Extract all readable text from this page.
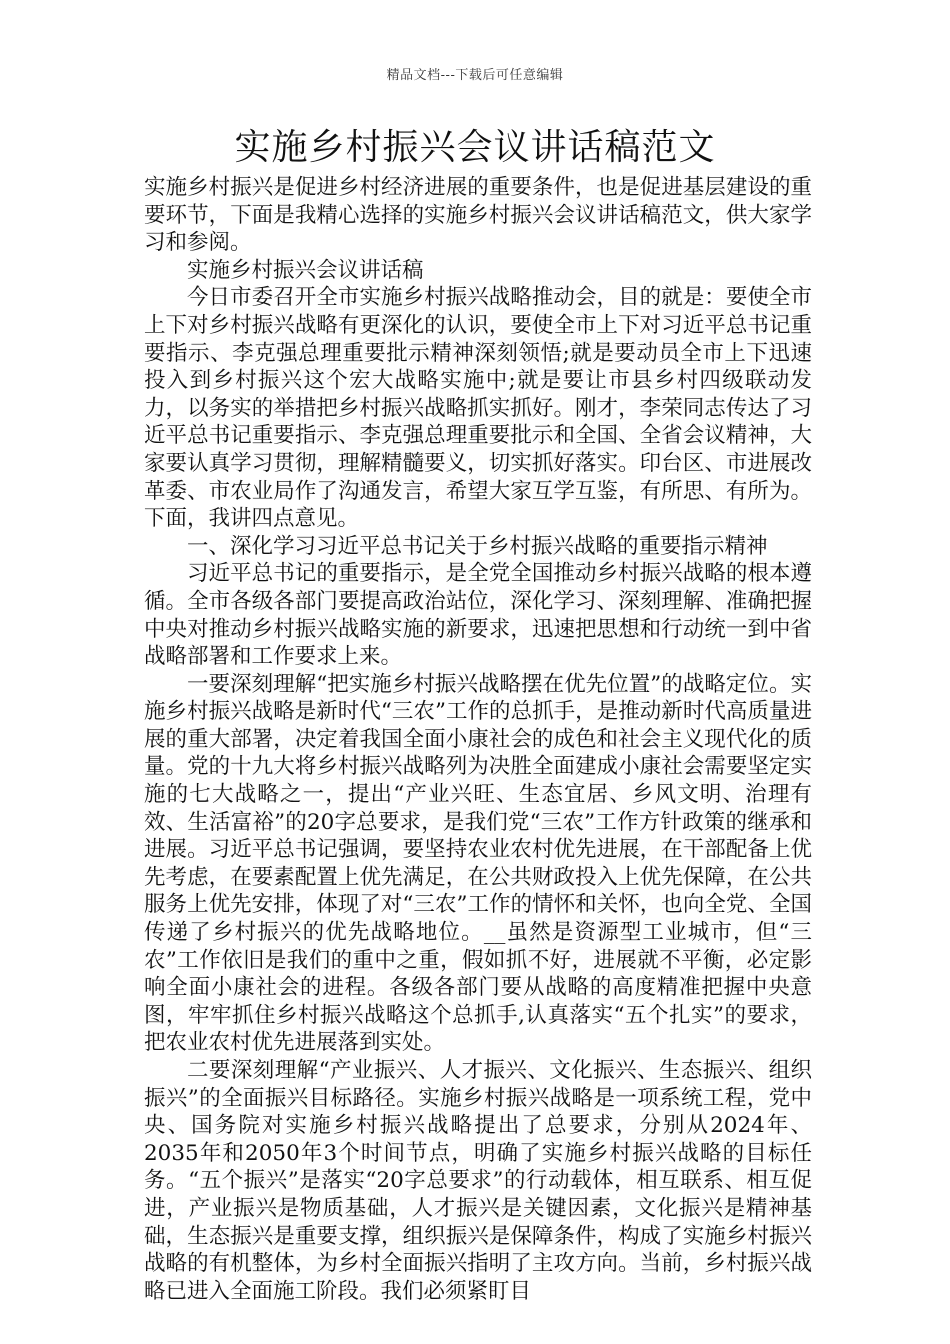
精品文档---下载后可任意编辑
实施乡村振兴会议讲话稿范文

实施乡村振兴是促进乡村经济进展的重要条件，也是促进基层建设的重要环节，下面是我精心选择的实施乡村振兴会议讲话稿范文，供大家学习和参阅。

实施乡村振兴会议讲话稿

今日市委召开全市实施乡村振兴战略推动会，目的就是：要使全市上下对乡村振兴战略有更深化的认识，要使全市上下对习近平总书记重要指示、李克强总理重要批示精神深刻领悟;就是要动员全市上下迅速投入到乡村振兴这个宏大战略实施中;就是要让市县乡村四级联动发力，以务实的举措把乡村振兴战略抓实抓好。刚才，李荣同志传达了习近平总书记重要指示、李克强总理重要批示和全国、全省会议精神，大家要认真学习贯彻，理解精髓要义，切实抓好落实。印台区、市进展改革委、市农业局作了沟通发言，希望大家互学互鉴，有所思、有所为。下面，我讲四点意见。

一、深化学习习近平总书记关于乡村振兴战略的重要指示精神

习近平总书记的重要指示，是全党全国推动乡村振兴战略的根本遵循。全市各级各部门要提高政治站位，深化学习、深刻理解、准确把握中央对推动乡村振兴战略实施的新要求，迅速把思想和行动统一到中省战略部署和工作要求上来。

一要深刻理解“把实施乡村振兴战略摆在优先位置”的战略定位。实施乡村振兴战略是新时代“三农”工作的总抓手，是推动新时代高质量进展的重大部署，决定着我国全面小康社会的成色和社会主义现代化的质量。党的十九大将乡村振兴战略列为决胜全面建成小康社会需要坚定实施的七大战略之一，提出“产业兴旺、生态宜居、乡风文明、治理有效、生活富裕”的20字总要求，是我们党“三农”工作方针政策的继承和进展。习近平总书记强调，要坚持农业农村优先进展，在干部配备上优先考虑，在要素配置上优先满足，在公共财政投入上优先保障，在公共服务上优先安排，体现了对“三农”工作的情怀和关怀，也向全党、全国传递了乡村振兴的优先战略地位。__虽然是资源型工业城市，但“三农”工作依旧是我们的重中之重，假如抓不好，进展就不平衡，必定影响全面小康社会的进程。各级各部门要从战略的高度精准把握中央意图，牢牢抓住乡村振兴战略这个总抓手,认真落实“五个扎实”的要求，把农业农村优先进展落到实处。

二要深刻理解“产业振兴、人才振兴、文化振兴、生态振兴、组织振兴”的全面振兴目标路径。实施乡村振兴战略是一项系统工程，党中央、国务院对实施乡村振兴战略提出了总要求，分别从2024年、2035年和2050年3个时间节点，明确了实施乡村振兴战略的目标任务。“五个振兴”是落实“20字总要求”的行动载体，相互联系、相互促进，产业振兴是物质基础，人才振兴是关键因素，文化振兴是精神基础，生态振兴是重要支撑，组织振兴是保障条件，构成了实施乡村振兴战略的有机整体，为乡村全面振兴指明了主攻方向。当前，乡村振兴战略已进入全面施工阶段。我们必须紧盯目
